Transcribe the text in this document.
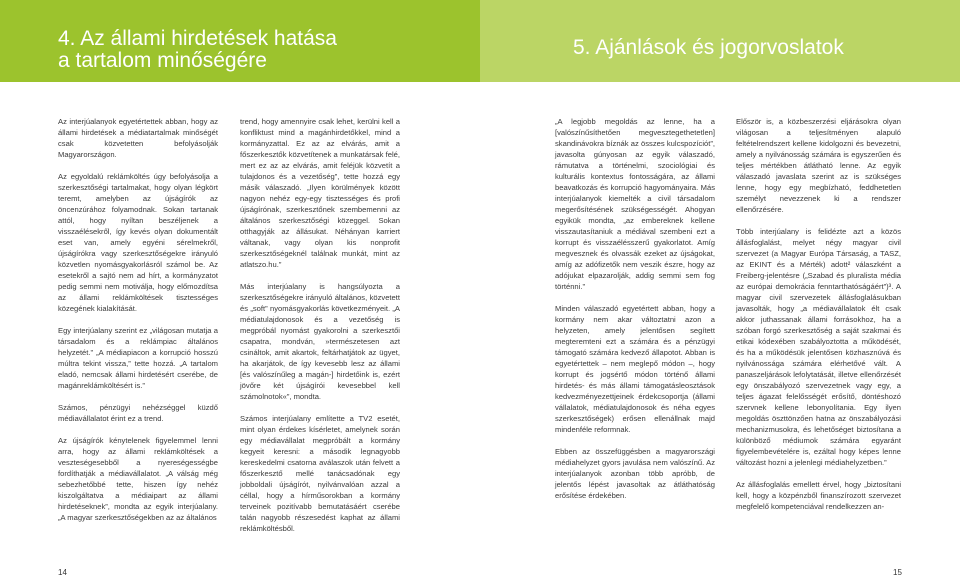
4. Az állami hirdetések hatása
a tartalom minőségére
5. Ajánlások és jogorvoslatok

Az interjúalanyok egyetértettek abban, hogy az állami hirdetések a médiatartalmak minőségét csak közvetetten befolyásolják Magyarországon.

Az egyoldalú reklámköltés úgy befolyásolja a szerkesztőségi tartalmakat, hogy olyan légkört teremt, amelyben az újságírók az öncenzúrához folyamodnak. Sokan tartanak attól, hogy nyíltan beszéljenek a visszaélésekről, így kevés olyan dokumentált eset van, amely egyéni sérelmekről, újságírókra vagy szerkesztőségekre irányuló közvetlen nyomásgyakorlásról számol be. Az esetekről a sajtó nem ad hírt, a kormányzatot pedig semmi nem motiválja, hogy előmozdítsa az állami reklámköltések tisztességes közegének kialakítását.

Egy interjúalany szerint ez „világosan mutatja a társadalom és a reklámpiac általános helyzetét.” „A médiapiacon a korrupció hosszú múltra tekint vissza,” tette hozzá. „A tartalom eladó, nemcsak állami hirdetésért cserébe, de magánreklámköltésért is.”

Számos, pénzügyi nehézséggel küzdő médiavállalatot érint ez a trend.

Az újságírók kénytelenek figyelemmel lenni arra, hogy az állami reklámköltések a veszteségesebből a nyereségességbe fordíthatják a médiavállalatot. „A válság még sebezhetőbbé tette, hiszen így nehéz kiszolgáltatva a médiaipart az állami hirdetéseknek”, mondta az egyik interjúalany. „A magyar szerkesztőségekben az az általános

trend, hogy amennyire csak lehet, kerülni kell a konfliktust mind a magánhirdetőkkel, mind a kormányzattal. Ez az az elvárás, amit a főszerkesztők közvetítenek a munkatársak felé, mert ez az az elvárás, amit feléjük közvetít a tulajdonos és a vezetőség”, tette hozzá egy másik válaszadó. „Ilyen körülmények között nagyon nehéz egy-egy tisztességes és profi újságírónak, szerkesztőnek szembemenni az általános szerkesztőségi közeggel. Sokan otthagyják az állásukat. Néhányan karriert váltanak, vagy olyan kis nonprofit szerkesztőségeknél találnak munkát, mint az atlatszo.hu.”

Más interjúalany is hangsúlyozta a szerkesztőségekre irányuló általános, közvetett és „soft” nyomásgyakorlás következményeit. „A médiatulajdonosok és a vezetőség is megpróbál nyomást gyakorolni a szerkesztői csapatra, mondván, »természetesen azt csináltok, amit akartok, feltárhatjátok az ügyet, ha akarjátok, de így kevesebb lesz az állami [és valószínűleg a magán-] hirdetőink is, ezért jövőre két újságírói kevesebbel kell számolnotok«”, mondta.

Számos interjúalany említette a TV2 esetét, mint olyan érdekes kísérletet, amelynek során egy médiavállalat megpróbált a kormány kegyeit keresni: a második legnagyobb kereskedelmi csatorna aválaszok után felvett a főszerkesztő mellé tanácsadónak egy jobboldali újságírót, nyilvánvalóan azzal a céllal, hogy a hírműsorokban a kormány terveinek pozitívabb bemutatásáért cserébe talán nagyobb részesedést kaphat az állami reklámköltésből.

„A legjobb megoldás az lenne, ha a [valószínűsíthetően megvesztegethetetlen] skandinávokra bíznák az összes kulcspozíciót”, javasolta gúnyosan az egyik válaszadó, rámutatva a történelmi, szociológiai és kulturális kontextus fontosságára, az állami beavatkozás és korrupció hagyományaira. Más interjúalanyok kiemelték a civil társadalom megerősítésének szükségességét. Ahogyan egyikük mondta, „az embereknek kellene visszautasítaniuk a médiával szembeni ezt a korrupt és visszaélésszerű gyakorlatot. Amíg megvesznek és olvassák ezeket az újságokat, amíg az adófizetők nem veszik észre, hogy az adójukat elpazarolják, addig semmi sem fog történni.”

Minden válaszadó egyetértett abban, hogy a kormány nem akar változtatni azon a helyzeten, amely jelentősen segített megteremteni ezt a számára és a pénzügyi támogató számára kedvező állapotot. Abban is egyetértettek – nem meglepő módon –, hogy korrupt és jogsértő módon történő állami hirdetés- és más állami támogatásleosztások kedvezményezettjeinek érdekcsoportja (állami vállalatok, médiatulajdonosok és néha egyes szerkesztőségek) erősen ellenállnak majd mindenféle reformnak.

Ebben az összefüggésben a magyarországi médiahelyzet gyors javulása nem valószínű. Az interjúalanyok azonban több apróbb, de jelentős lépést javasoltak az átláthatóság erősítése érdekében.

Először is, a közbeszerzési eljárásokra olyan világosan a teljesítményen alapuló feltételrendszert kellene kidolgozni és bevezetni, amely a nyilvánosság számára is egyszerűen és teljes mértékben átlátható lenne. Az egyik válaszadó javaslata szerint az is szükséges lenne, hogy egy megbízható, feddhetetlen személyt nevezzenek ki a rendszer ellenőrzésére.

Több interjúalany is felidézte azt a közös állásfoglalást, melyet négy magyar civil szervezet (a Magyar Európa Társaság, a TASZ, az EKINT és a Mérték) adott² válaszként a Freiberg-jelentésre („Szabad és pluralista média az európai demokrácia fenntarthatóságáért”)³. A magyar civil szervezetek állásfoglalásukban javasolták, hogy „a médiavállalatok élt csak akkor juthassanak állami forrásokhoz, ha a szóban forgó szerkesztőség a saját szakmai és etikai kódexében szabályoztotta a működését, és ha a működésük jelentősen közhasznúvá és nyilvánossága számára elérhetővé vált. A panaszeljárások lefolytatását, illetve ellenőrzését egy önszabályozó szervezetnek vagy egy, a teljes ágazat felelősségét erősítő, döntéshozó szervnek kellene lebonyolítania. Egy ilyen megoldás öszttönzően hatna az önszabályozási mechanizmusokra, és lehetőséget biztosítana a különböző médiumok számára egyaránt figyelembevételére is, ezáltal hogy képes lenne változást hozni a jelenlegi médiahelyzetben.”

Az állásfoglalás emellett érvel, hogy „biztosítani kell, hogy a közpénzből finanszírozott szervezet megfelelő kompetenciával rendelkezzen an-

14	15
